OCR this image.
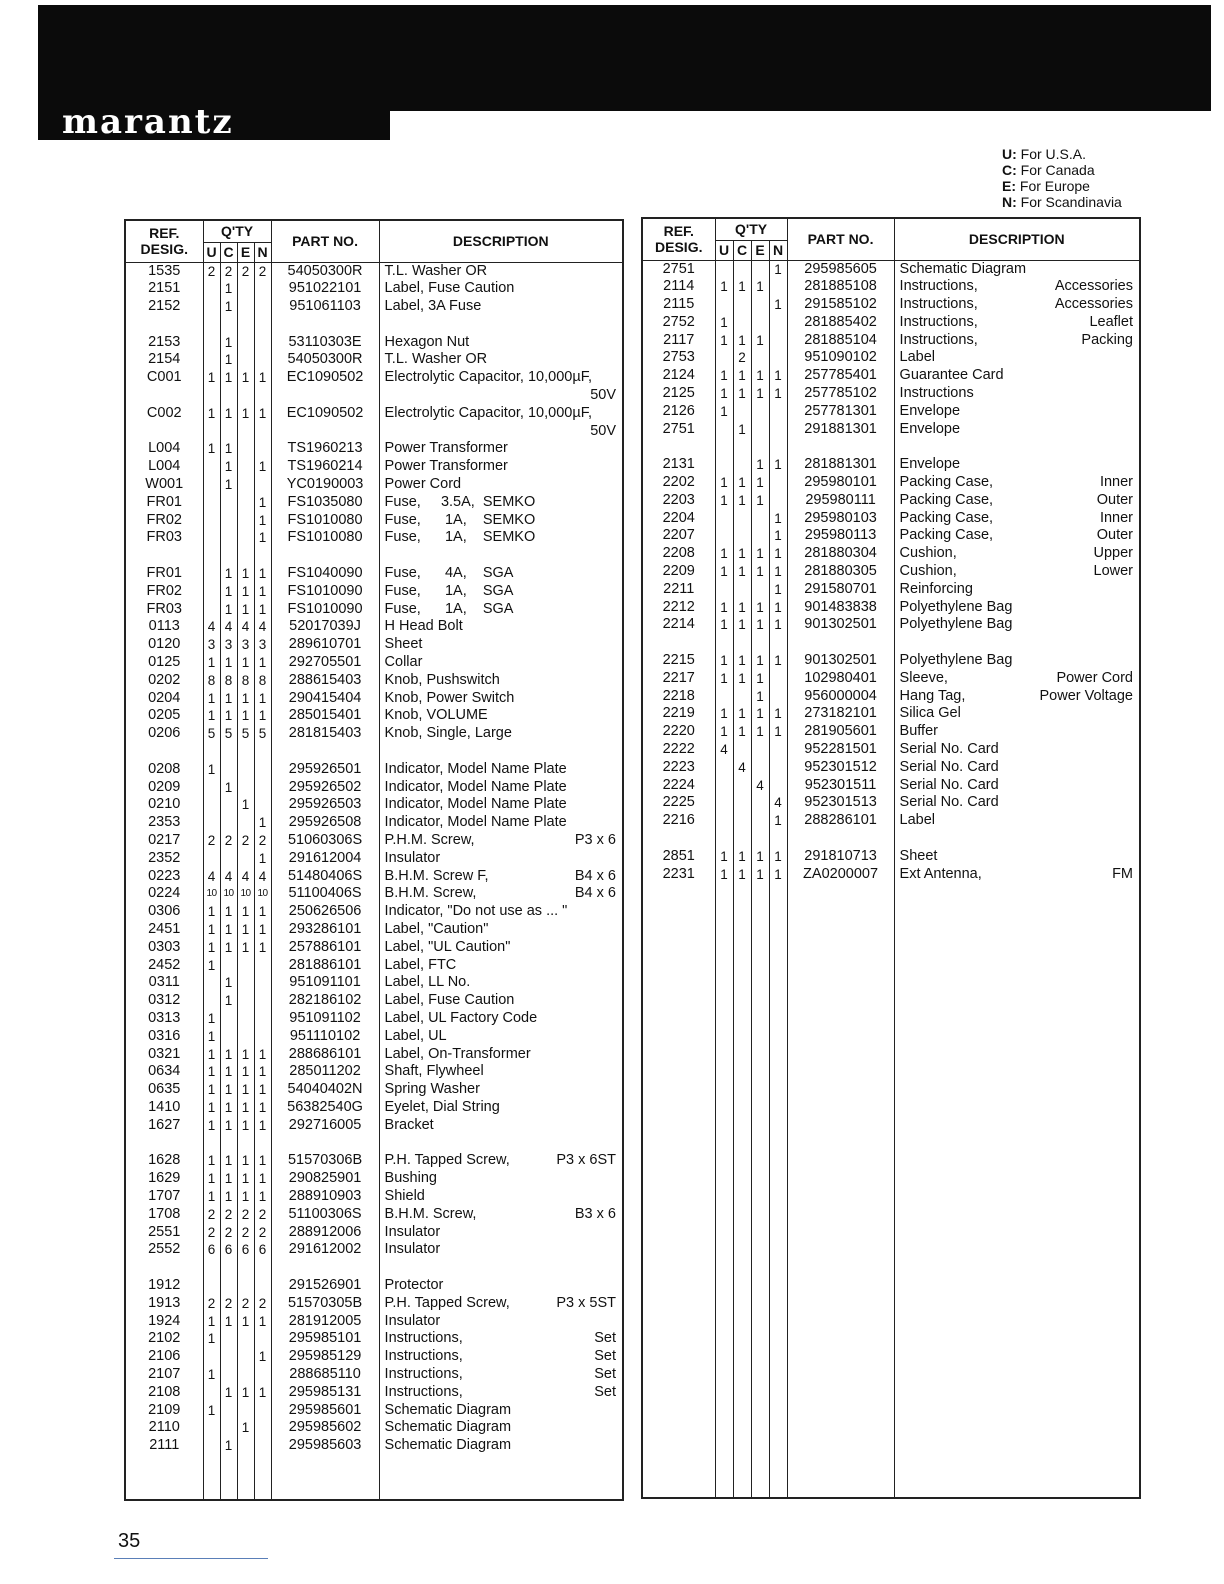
marantz
U: For U.S.A.
C: For Canada
E: For Europe
N: For Scandinavia
REF.
DESIG.	Q'TY				PART NO.	DESCRIPTION
	U	C	E	N		
1535	2	2	2	2	54050300R	T.L. Washer OR

2151		1			951022101	Label, Fuse Caution

2152		1			951061103	Label, 3A Fuse

2153		1			53110303E	Hexagon Nut

2154		1			54050300R	T.L. Washer OR

C001	1	1	1	1	EC1090502	Electrolytic Capacitor, 10,000µF,

						50V

C002	1	1	1	1	EC1090502	Electrolytic Capacitor, 10,000µF,

						50V

L004	1	1			TS1960213	Power Transformer

L004		1		1	TS1960214	Power Transformer

W001		1			YC0190003	Power Cord

FR01				1	FS1035080	Fuse,     3.5A,  SEMKO

FR02				1	FS1010080	Fuse,      1A,    SEMKO

FR03				1	FS1010080	Fuse,      1A,    SEMKO

FR01		1	1	1	FS1040090	Fuse,      4A,    SGA

FR02		1	1	1	FS1010090	Fuse,      1A,    SGA

FR03		1	1	1	FS1010090	Fuse,      1A,    SGA

0113	4	4	4	4	52017039J	H Head Bolt

0120	3	3	3	3	289610701	Sheet

0125	1	1	1	1	292705501	Collar

0202	8	8	8	8	288615403	Knob, Pushswitch

0204	1	1	1	1	290415404	Knob, Power Switch

0205	1	1	1	1	285015401	Knob, VOLUME

0206	5	5	5	5	281815403	Knob, Single, Large

0208	1				295926501	Indicator, Model Name Plate

0209		1			295926502	Indicator, Model Name Plate

0210			1		295926503	Indicator, Model Name Plate

2353				1	295926508	Indicator, Model Name Plate

0217	2	2	2	2	51060306S	P.H.M. Screw, P3 x 6

2352				1	291612004	Insulator

0223	4	4	4	4	51480406S	B.H.M. Screw F, B4 x 6

0224	10	10	10	10	51100406S	B.H.M. Screw, B4 x 6

0306	1	1	1	1	250626506	Indicator, "Do not use as ... "

2451	1	1	1	1	293286101	Label, "Caution"

0303	1	1	1	1	257886101	Label, "UL Caution"

2452	1				281886101	Label, FTC

0311		1			951091101	Label, LL No.

0312		1			282186102	Label, Fuse Caution

0313	1				951091102	Label, UL Factory Code

0316	1				951110102	Label, UL

0321	1	1	1	1	288686101	Label, On-Transformer

0634	1	1	1	1	285011202	Shaft, Flywheel

0635	1	1	1	1	54040402N	Spring Washer

1410	1	1	1	1	56382540G	Eyelet, Dial String

1627	1	1	1	1	292716005	Bracket

1628	1	1	1	1	51570306B	P.H. Tapped Screw, P3 x 6ST

1629	1	1	1	1	290825901	Bushing

1707	1	1	1	1	288910903	Shield

1708	2	2	2	2	51100306S	B.H.M. Screw, B3 x 6

2551	2	2	2	2	288912006	Insulator

2552	6	6	6	6	291612002	Insulator

1912					291526901	Protector

1913	2	2	2	2	51570305B	P.H. Tapped Screw, P3 x 5ST

1924	1	1	1	1	281912005	Insulator

2102	1				295985101	Instructions, Set

2106				1	295985129	Instructions, Set

2107	1				288685110	Instructions, Set

2108		1	1	1	295985131	Instructions, Set

2109	1				295985601	Schematic Diagram

2110			1		295985602	Schematic Diagram

2111		1			295985603	Schematic Diagram

REF.
DESIG.	Q'TY				PART NO.	DESCRIPTION
	U	C	E	N		
2751				1	295985605	Schematic Diagram

2114	1	1	1		281885108	Instructions, Accessories

2115				1	291585102	Instructions, Accessories

2752	1				281885402	Instructions, Leaflet

2117	1	1	1		281885104	Instructions, Packing

2753		2			951090102	Label

2124	1	1	1	1	257785401	Guarantee Card

2125	1	1	1	1	257785102	Instructions

2126	1				257781301	Envelope

2751		1			291881301	Envelope

2131			1	1	281881301	Envelope

2202	1	1	1		295980101	Packing Case, Inner

2203	1	1	1		295980111	Packing Case, Outer

2204				1	295980103	Packing Case, Inner

2207				1	295980113	Packing Case, Outer

2208	1	1	1	1	281880304	Cushion, Upper

2209	1	1	1	1	281880305	Cushion, Lower

2211				1	291580701	Reinforcing

2212	1	1	1	1	901483838	Polyethylene Bag

2214	1	1	1	1	901302501	Polyethylene Bag

2215	1	1	1	1	901302501	Polyethylene Bag

2217	1	1	1		102980401	Sleeve, Power Cord

2218			1		956000004	Hang Tag, Power Voltage

2219	1	1	1	1	273182101	Silica Gel

2220	1	1	1	1	281905601	Buffer

2222	4				952281501	Serial No. Card

2223		4			952301512	Serial No. Card

2224			4		952301511	Serial No. Card

2225				4	952301513	Serial No. Card

2216				1	288286101	Label

2851	1	1	1	1	291810713	Sheet

2231	1	1	1	1	ZA0200007	Ext Antenna, FM

35
